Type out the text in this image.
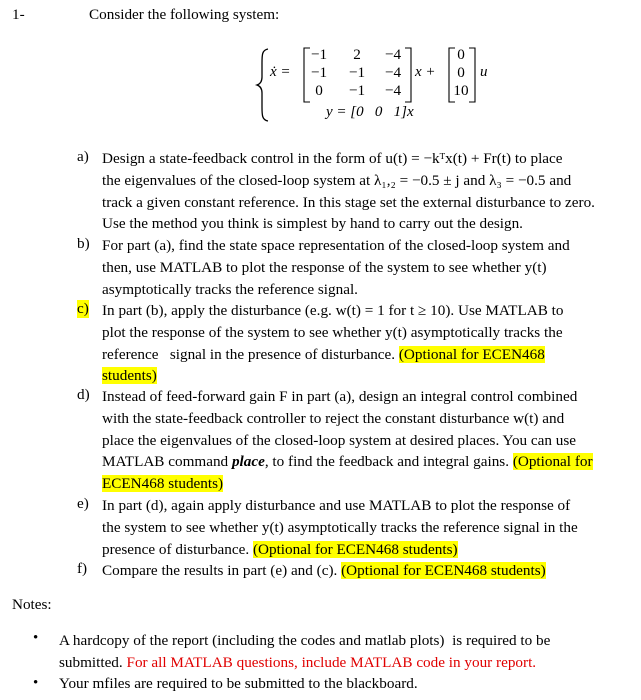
1-	Consider the following system:
ẋ =
−1	2	−4
−1	−1	−4
0	−1	−4
x +
0
0
10
u
y = [0   0   1]x
a) Design a state-feedback control in the form of u(t) = −kᵀx(t) + Fr(t) to place
the eigenvalues of the closed-loop system at λ₁,₂ = −0.5 ± j and λ₃ = −0.5 and
track a given constant reference. In this stage set the external disturbance to zero.
Use the method you think is simplest by hand to carry out the design.
b) For part (a), find the state space representation of the closed-loop system and
then, use MATLAB to plot the response of the system to see whether y(t)
asymptotically tracks the reference signal.
c) In part (b), apply the disturbance (e.g. w(t) = 1 for t ≥ 10). Use MATLAB to
plot the response of the system to see whether y(t) asymptotically tracks the
reference   signal in the presence of disturbance. (Optional for ECEN468
students)
d) Instead of feed-forward gain F in part (a), design an integral control combined
with the state-feedback controller to reject the constant disturbance w(t) and
place the eigenvalues of the closed-loop system at desired places. You can use
MATLAB command place, to find the feedback and integral gains. (Optional for
ECEN468 students)
e) In part (d), again apply disturbance and use MATLAB to plot the response of
the system to see whether y(t) asymptotically tracks the reference signal in the
presence of disturbance. (Optional for ECEN468 students)
f) Compare the results in part (e) and (c). (Optional for ECEN468 students)
Notes:
• A hardcopy of the report (including the codes and matlab plots)  is required to be
submitted. For all MATLAB questions, include MATLAB code in your report.
• Your mfiles are required to be submitted to the blackboard.
